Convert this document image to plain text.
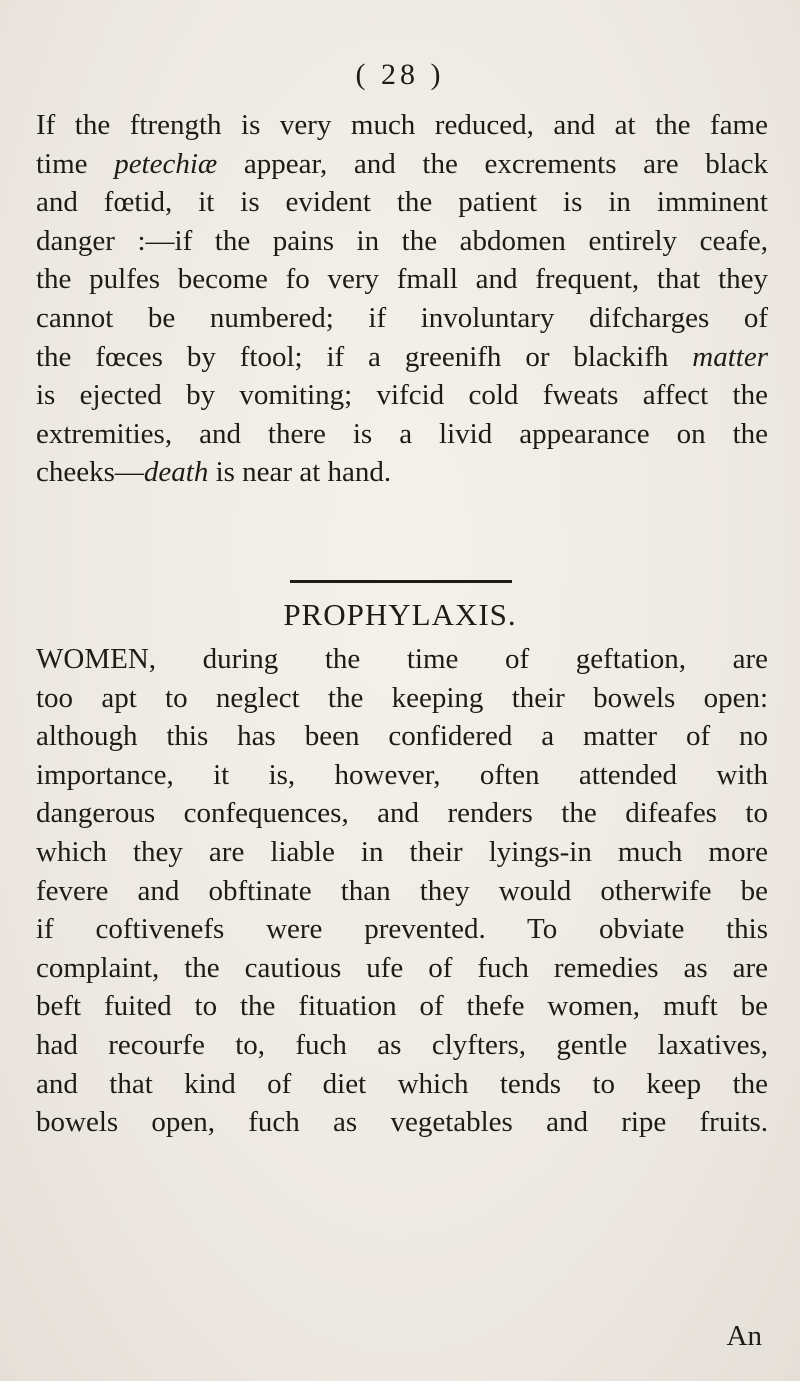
( 28 )
If the ftrength is very much reduced, and at the fame
time petechiæ appear, and the excrements are black
and fœtid, it is evident the patient is in imminent
danger :—if the pains in the abdomen entirely ceafe,
the pulfes become fo very fmall and frequent, that they
cannot be numbered; if involuntary difcharges of
the fœces by ftool; if a greenifh or blackifh matter
is ejected by vomiting; vifcid cold fweats affect the
extremities, and there is a livid appearance on the
cheeks—death is near at hand.
PROPHYLAXIS.
WOMEN, during the time of geftation, are
too apt to neglect the keeping their bowels open:
although this has been confidered a matter of no
importance, it is, however, often attended with
dangerous confequences, and renders the difeafes to
which they are liable in their lyings-in much more
fevere and obftinate than they would otherwife be
if coftivenefs were prevented. To obviate this
complaint, the cautious ufe of fuch remedies as are
beft fuited to the fituation of thefe women, muft be
had recourfe to, fuch as clyfters, gentle laxatives,
and that kind of diet which tends to keep the
bowels open, fuch as vegetables and ripe fruits.
An
